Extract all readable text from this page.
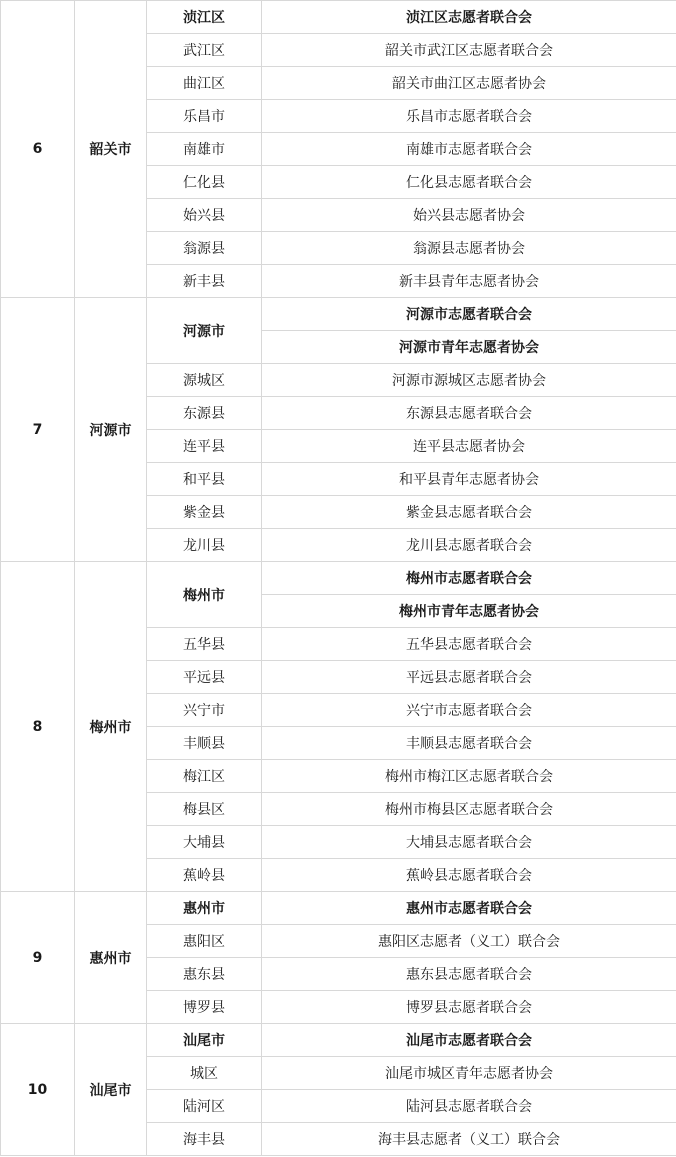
6	韶关市	浈江区	浈江区志愿者联合会
		武江区	韶关市武江区志愿者联合会
		曲江区	韶关市曲江区志愿者协会
		乐昌市	乐昌市志愿者联合会
		南雄市	南雄市志愿者联合会
		仁化县	仁化县志愿者联合会
		始兴县	始兴县志愿者协会
		翁源县	翁源县志愿者协会
		新丰县	新丰县青年志愿者协会
7	河源市	河源市	河源市志愿者联合会
			河源市青年志愿者协会
		源城区	河源市源城区志愿者协会
		东源县	东源县志愿者联合会
		连平县	连平县志愿者协会
		和平县	和平县青年志愿者协会
		紫金县	紫金县志愿者联合会
		龙川县	龙川县志愿者联合会
8	梅州市	梅州市	梅州市志愿者联合会
			梅州市青年志愿者协会
		五华县	五华县志愿者联合会
		平远县	平远县志愿者联合会
		兴宁市	兴宁市志愿者联合会
		丰顺县	丰顺县志愿者联合会
		梅江区	梅州市梅江区志愿者联合会
		梅县区	梅州市梅县区志愿者联合会
		大埔县	大埔县志愿者联合会
		蕉岭县	蕉岭县志愿者联合会
9	惠州市	惠州市	惠州市志愿者联合会
		惠阳区	惠阳区志愿者（义工）联合会
		惠东县	惠东县志愿者联合会
		博罗县	博罗县志愿者联合会
10	汕尾市	汕尾市	汕尾市志愿者联合会
		城区	汕尾市城区青年志愿者协会
		陆河区	陆河县志愿者联合会
		海丰县	海丰县志愿者（义工）联合会
